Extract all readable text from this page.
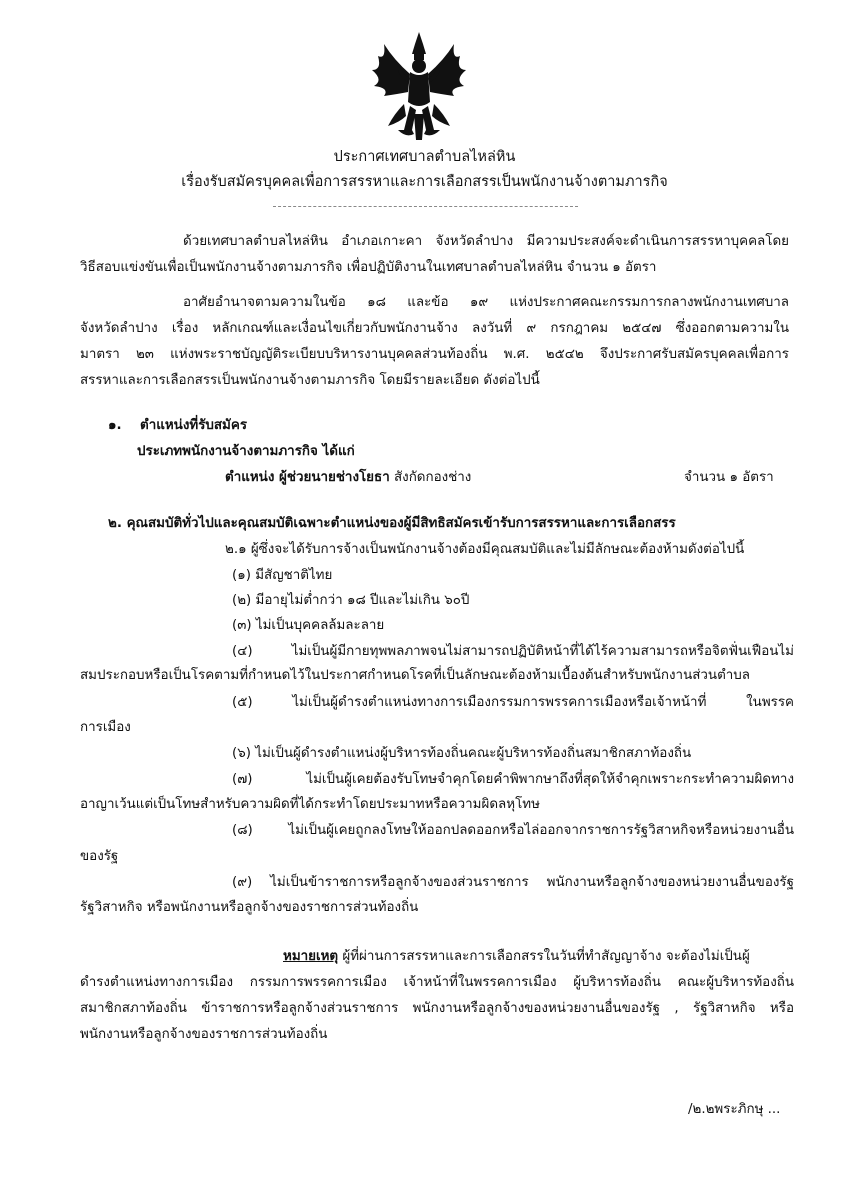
ประกาศเทศบาลตำบลไหล่หิน
เรื่องรับสมัครบุคคลเพื่อการสรรหาและการเลือกสรรเป็นพนักงานจ้างตามภารกิจ
ด้วยเทศบาลตำบลไหล่หิน อำเภอเกาะคา จังหวัดลำปาง มีความประสงค์จะดำเนินการสรรหาบุคคลโดย
วิธีสอบแข่งขันเพื่อเป็นพนักงานจ้างตามภารกิจ เพื่อปฏิบัติงานในเทศบาลตำบลไหล่หิน จำนวน ๑ อัตรา
อาศัยอำนาจตามความในข้อ ๑๘ และข้อ ๑๙ แห่งประกาศคณะกรรมการกลางพนักงานเทศบาล
จังหวัดลำปาง เรื่อง หลักเกณฑ์และเงื่อนไขเกี่ยวกับพนักงานจ้าง ลงวันที่ ๙ กรกฎาคม ๒๕๔๗ ซึ่งออกตามความใน
มาตรา ๒๓ แห่งพระราชบัญญัติระเบียบบริหารงานบุคคลส่วนท้องถิ่น พ.ศ. ๒๕๔๒ จึงประกาศรับสมัครบุคคลเพื่อการ
สรรหาและการเลือกสรรเป็นพนักงานจ้างตามภารกิจ โดยมีรายละเอียด ดังต่อไปนี้
๑. ตำแหน่งที่รับสมัคร
ประเภทพนักงานจ้างตามภารกิจ ได้แก่
ตำแหน่ง ผู้ช่วยนายช่างโยธา สังกัดกองช่าง	จำนวน ๑ อัตรา
๒. คุณสมบัติทั่วไปและคุณสมบัติเฉพาะตำแหน่งของผู้มีสิทธิสมัครเข้ารับการสรรหาและการเลือกสรร
๒.๑ ผู้ซึ่งจะได้รับการจ้างเป็นพนักงานจ้างต้องมีคุณสมบัติและไม่มีลักษณะต้องห้ามดังต่อไปนี้
(๑) มีสัญชาติไทย
(๒) มีอายุไม่ต่ำกว่า ๑๘ ปีและไม่เกิน ๖๐ปี
(๓) ไม่เป็นบุคคลล้มละลาย
(๔) ไม่เป็นผู้มีกายทุพพลภาพจนไม่สามารถปฏิบัติหน้าที่ได้ไร้ความสามารถหรือจิตฟั่นเฟือนไม่
สมประกอบหรือเป็นโรคตามที่กำหนดไว้ในประกาศกำหนดโรคที่เป็นลักษณะต้องห้ามเบื้องต้นสำหรับพนักงานส่วนตำบล
(๕) ไม่เป็นผู้ดำรงตำแหน่งทางการเมืองกรรมการพรรคการเมืองหรือเจ้าหน้าที่ ในพรรค
การเมือง
(๖) ไม่เป็นผู้ดำรงตำแหน่งผู้บริหารท้องถิ่นคณะผู้บริหารท้องถิ่นสมาชิกสภาท้องถิ่น
(๗) ไม่เป็นผู้เคยต้องรับโทษจำคุกโดยคำพิพากษาถึงที่สุดให้จำคุกเพราะกระทำความผิดทาง
อาญาเว้นแต่เป็นโทษสำหรับความผิดที่ได้กระทำโดยประมาทหรือความผิดลหุโทษ
(๘) ไม่เป็นผู้เคยถูกลงโทษให้ออกปลดออกหรือไล่ออกจากราชการรัฐวิสาหกิจหรือหน่วยงานอื่น
ของรัฐ
(๙) ไม่เป็นข้าราชการหรือลูกจ้างของส่วนราชการ พนักงานหรือลูกจ้างของหน่วยงานอื่นของรัฐ
รัฐวิสาหกิจ หรือพนักงานหรือลูกจ้างของราชการส่วนท้องถิ่น
หมายเหตุ ผู้ที่ผ่านการสรรหาและการเลือกสรรในวันที่ทำสัญญาจ้าง จะต้องไม่เป็นผู้
ดำรงตำแหน่งทางการเมือง กรรมการพรรคการเมือง เจ้าหน้าที่ในพรรคการเมือง ผู้บริหารท้องถิ่น คณะผู้บริหารท้องถิ่น
สมาชิกสภาท้องถิ่น ข้าราชการหรือลูกจ้างส่วนราชการ พนักงานหรือลูกจ้างของหน่วยงานอื่นของรัฐ , รัฐวิสาหกิจ หรือ
พนักงานหรือลูกจ้างของราชการส่วนท้องถิ่น
/๒.๒พระภิกษุ ...
